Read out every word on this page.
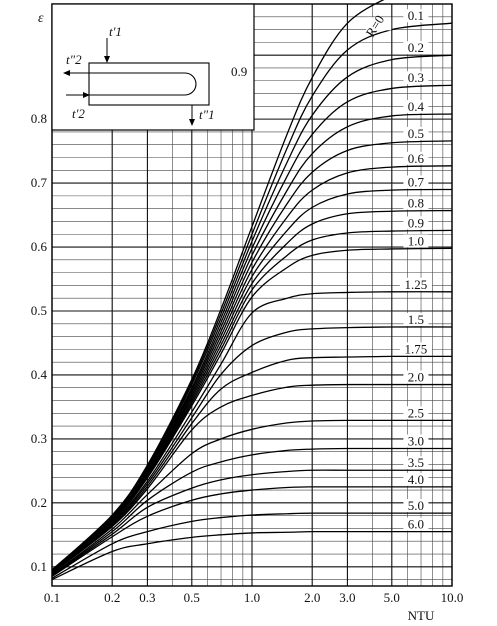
R=0 0.1
0.2
0.3
0.4
0.5
0.6
0.7
0.8
0.9
1.0
1.25
1.5
1.75
2.0
2.5
3.0
3.5
4.0
5.0
6.0
0.1	0.2 0.3 0.5	1.0	2.0 3.0 5.0	10.0
NTU
0.1
0.2
0.3
0.4
0.5
0.6
0.7
0.8
ε
t'1
t"2
t'2	t"1
0.9
